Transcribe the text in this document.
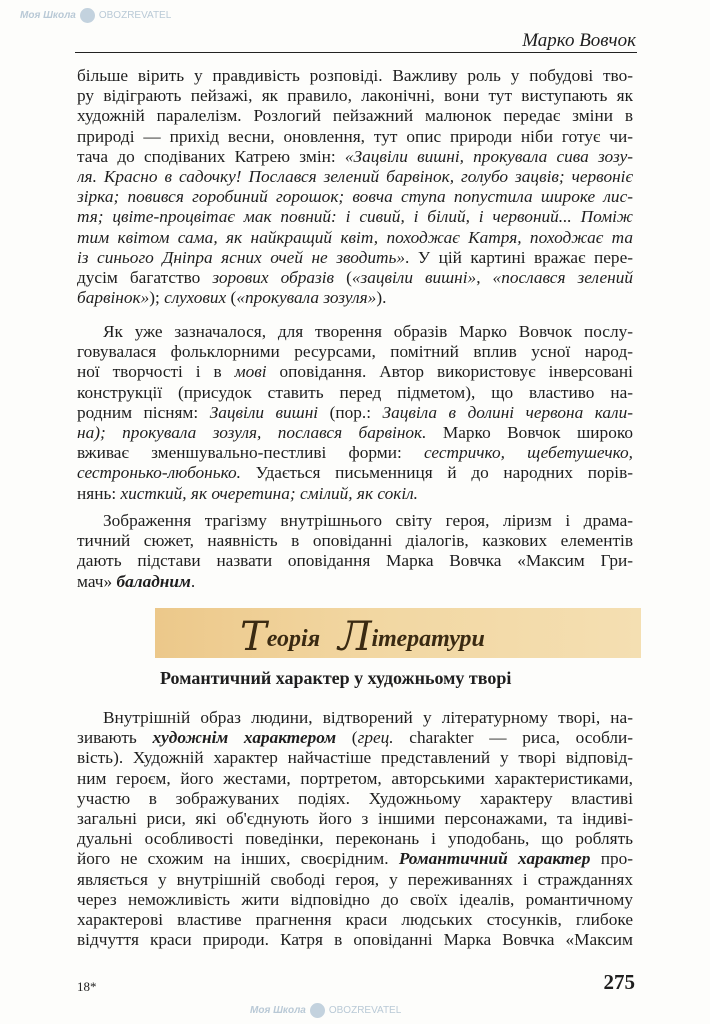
Моя Школа OBOZREVATEL
Моя Школа OBOZREVATEL
Марко Вовчок
більше вірить у правдивість розповіді. Важливу роль у побудові тво-
ру відіграють пейзажі, як правило, лаконічні, вони тут виступають як
художній паралелізм. Розлогий пейзажний малюнок передає зміни в
природі — прихід весни, оновлення, тут опис природи ніби готує чи-
тача до сподіваних Катрею змін: «Зацвіли вишні, прокувала сива зозу-
ля. Красно в садочку! Послався зелений барвінок, голубо зацвів; червоніє
зірка; повився горобиний горошок; вовча ступа попустила широке лис-
тя; цвіте-процвітає мак повний: і сивий, і білий, і червоний... Поміж
тим квітом сама, як найкращий квіт, походжає Катря, походжає та
із синього Дніпра ясних очей не зводить». У цій картині вражає пере-
дусім багатство зорових образів («зацвіли вишні», «послався зелений
барвінок»); слухових («прокувала зозуля»).
Як уже зазначалося, для творення образів Марко Вовчок послу-
говувалася фольклорними ресурсами, помітний вплив усної народ-
ної творчості і в мові оповідання. Автор використовує інверсовані
конструкції (присудок ставить перед підметом), що властиво на-
родним пісням: Зацвіли вишні (пор.: Зацвіла в долині червона кали-
на); прокувала зозуля, послався барвінок. Марко Вовчок широко
вживає зменшувально-пестливі форми: сестричко, щебетушечко,
сестронько-любонько. Удається письменниця й до народних порів-
нянь: хисткий, як очеретина; смілий, як сокіл.
Зображення трагізму внутрішнього світу героя, ліризм і драма-
тичний сюжет, наявність в оповіданні діалогів, казкових елементів
дають підстави назвати оповідання Марка Вовчка «Максим Гри-
мач» баладним.
Теорія Літератури
Романтичний характер у художньому творі
Внутрішній образ людини, відтворений у літературному творі, на-
зивають художнім характером (грец. charakter — риса, особли-
вість). Художній характер найчастіше представлений у творі відповід-
ним героєм, його жестами, портретом, авторськими характеристиками,
участю в зображуваних подіях. Художньому характеру властиві
загальні риси, які об'єднують його з іншими персонажами, та індиві-
дуальні особливості поведінки, переконань і уподобань, що роблять
його не схожим на інших, своєрідним. Романтичний характер про-
являється у внутрішній свободі героя, у переживаннях і стражданнях
через неможливість жити відповідно до своїх ідеалів, романтичному
характерові властиве прагнення краси людських стосунків, глибоке
відчуття краси природи. Катря в оповіданні Марка Вовчка «Максим
18*	275
